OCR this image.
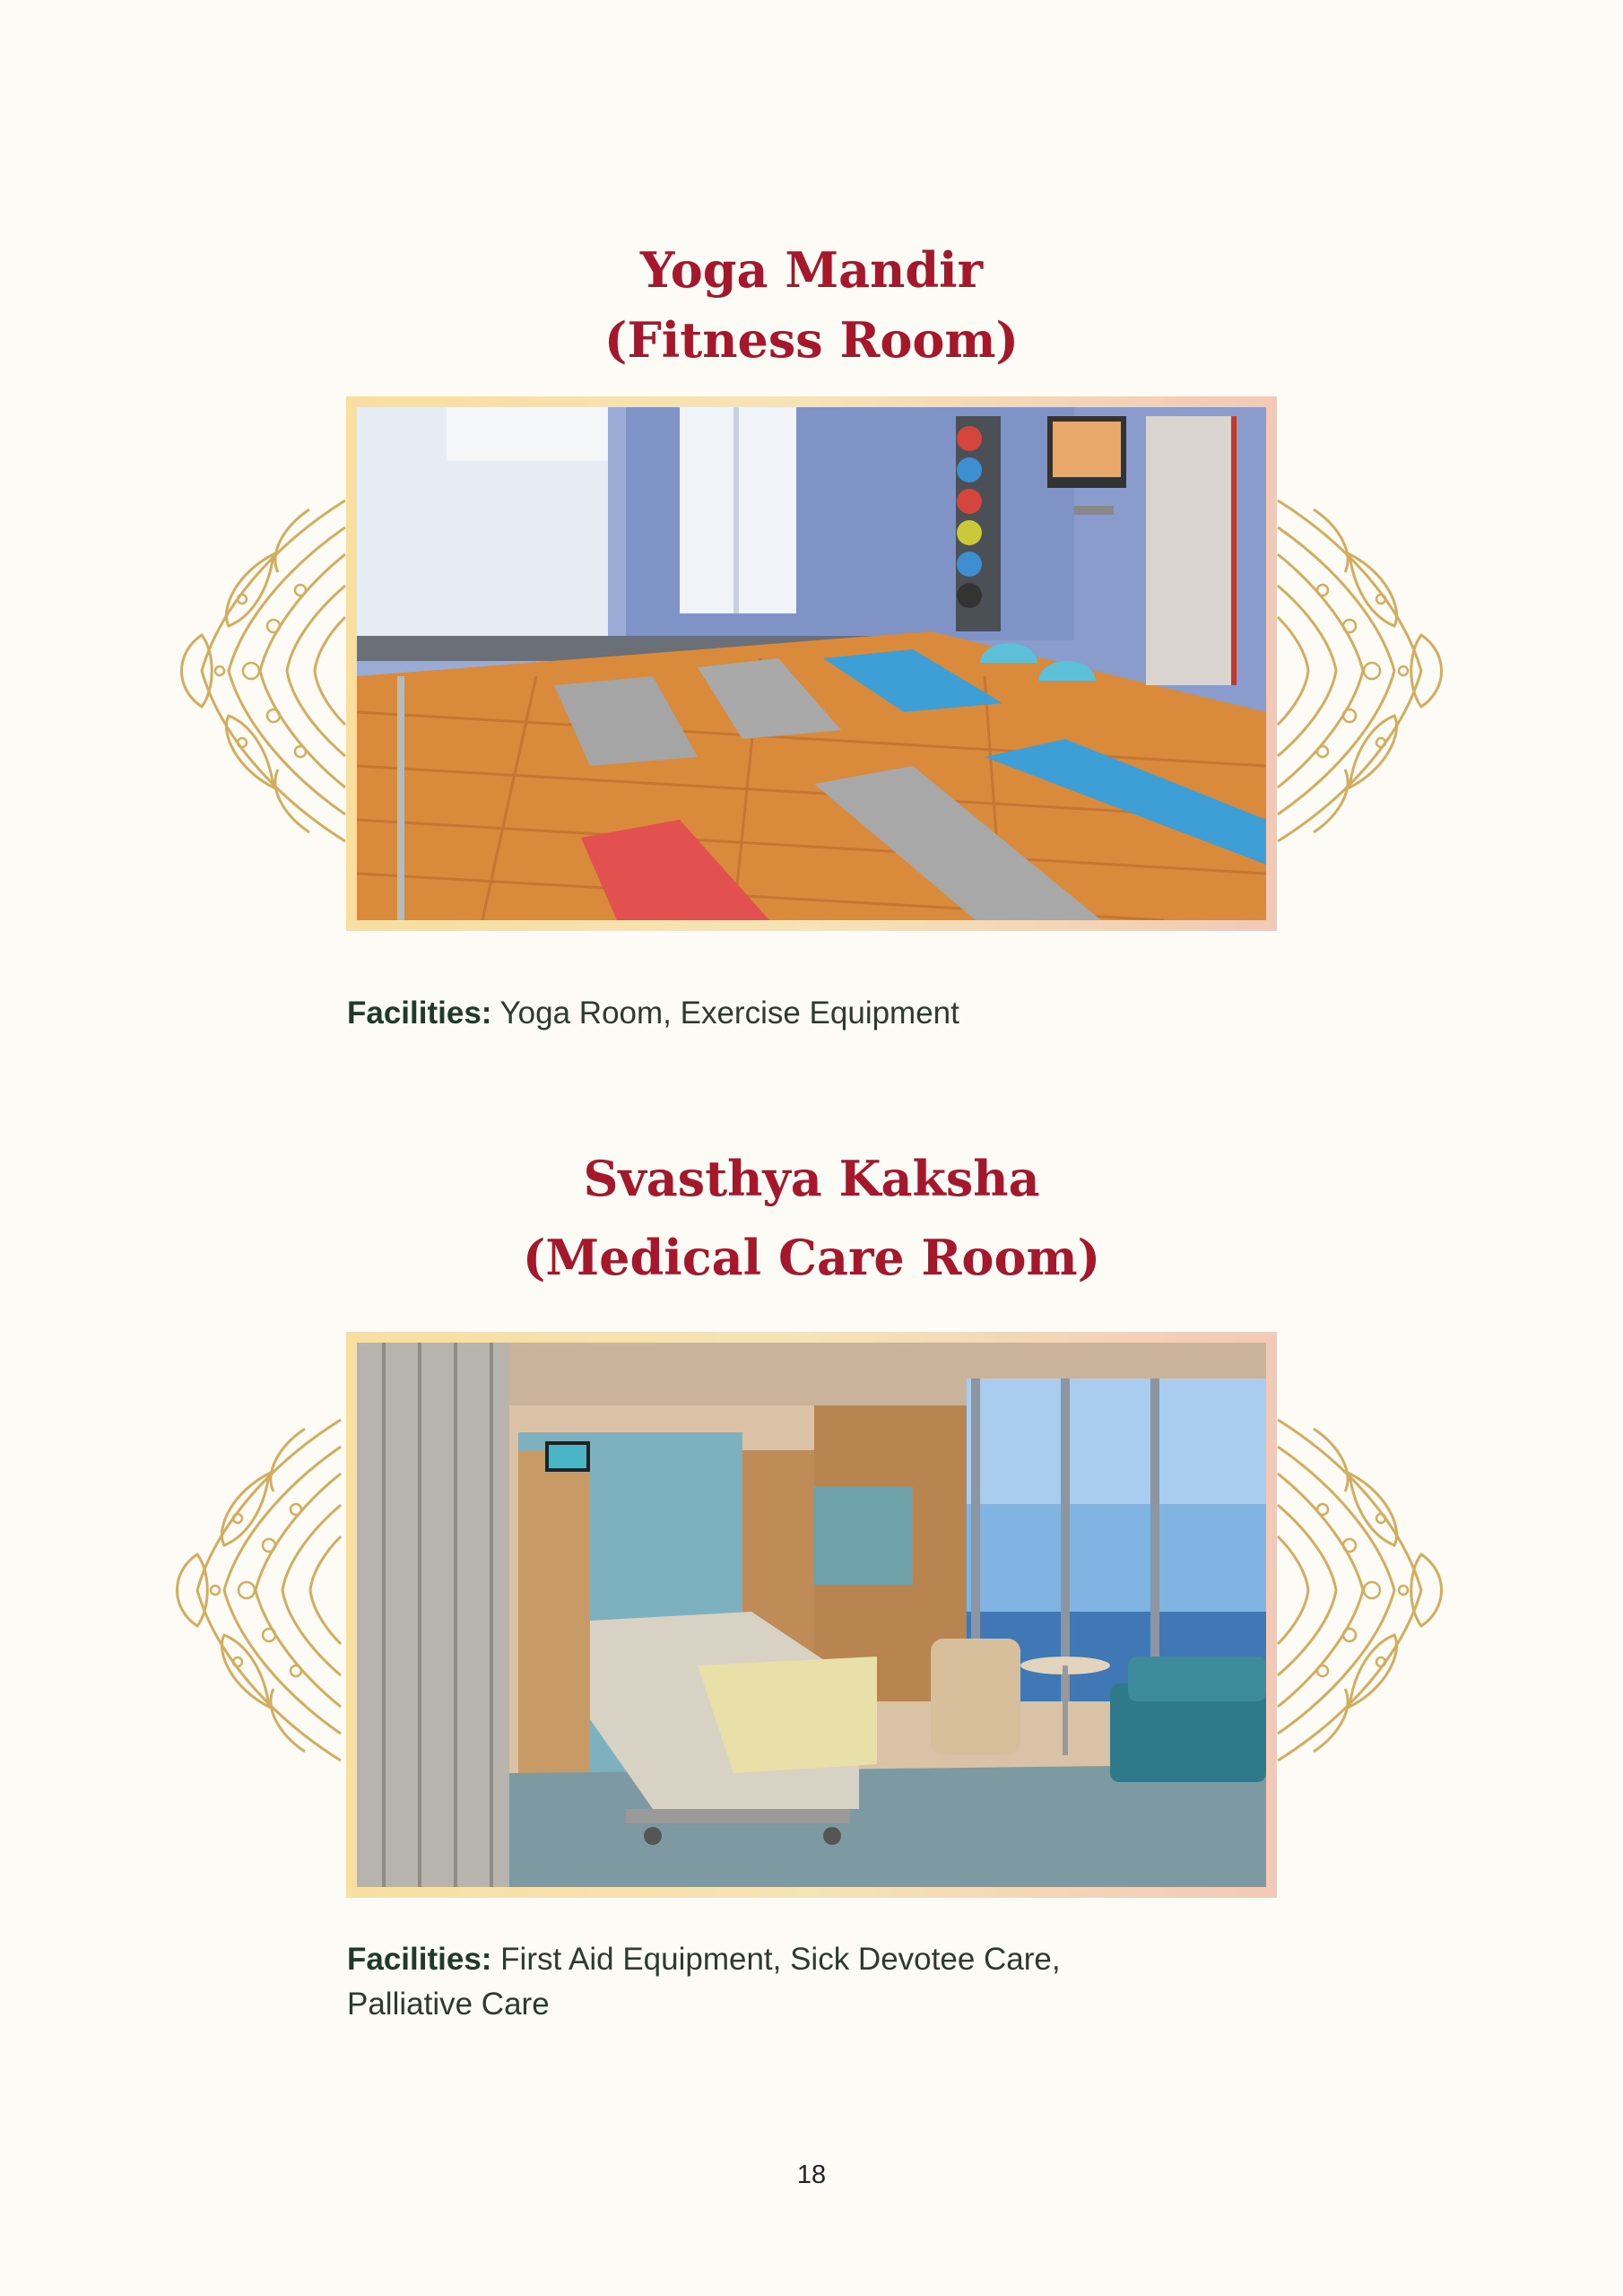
Yoga Mandir
(Fitness Room)

Facilities: Yoga Room, Exercise Equipment

Svasthya Kaksha
(Medical Care Room)

Facilities: First Aid Equipment, Sick Devotee Care,
Palliative Care

18
